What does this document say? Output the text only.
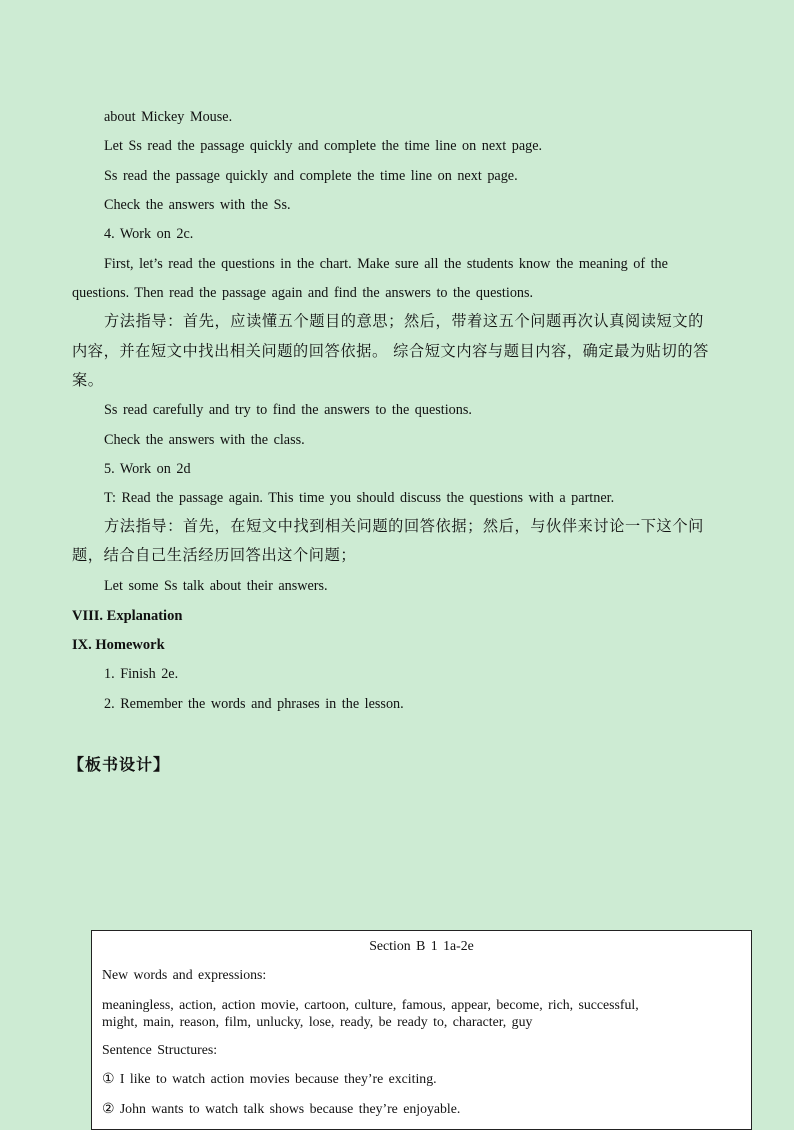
about Mickey Mouse.
Let Ss read the passage quickly and complete the time line on next page.
Ss read the passage quickly and complete the time line on next page.
Check the answers with the Ss.
4. Work on 2c.
First, let’s read the questions in the chart. Make sure all the students know the meaning of the
questions. Then read the passage again and find the answers to the questions.
方法指导：首先，应读懂五个题目的意思；然后，带着这五个问题再次认真阅读短文的
内容，并在短文中找出相关问题的回答依据。 综合短文内容与题目内容，确定最为贴切的答
案。
Ss read carefully and try to find the answers to the questions.
Check the answers with the class.
5. Work on 2d
T: Read the passage again. This time you should discuss the questions with a partner.
方法指导：首先，在短文中找到相关问题的回答依据；然后，与伙伴来讨论一下这个问
题，结合自己生活经历回答出这个问题；
Let some Ss talk about their answers.
VIII. Explanation
IX. Homework
1. Finish 2e.
2. Remember the words and phrases in the lesson.
【板书设计】
Section B 1 1a-2e
New words and expressions:
meaningless, action, action movie, cartoon, culture, famous, appear, become, rich, successful,
might, main, reason, film, unlucky, lose, ready, be ready to, character, guy
Sentence Structures:
① I like to watch action movies because they’re exciting.
② John wants to watch talk shows because they’re enjoyable.
